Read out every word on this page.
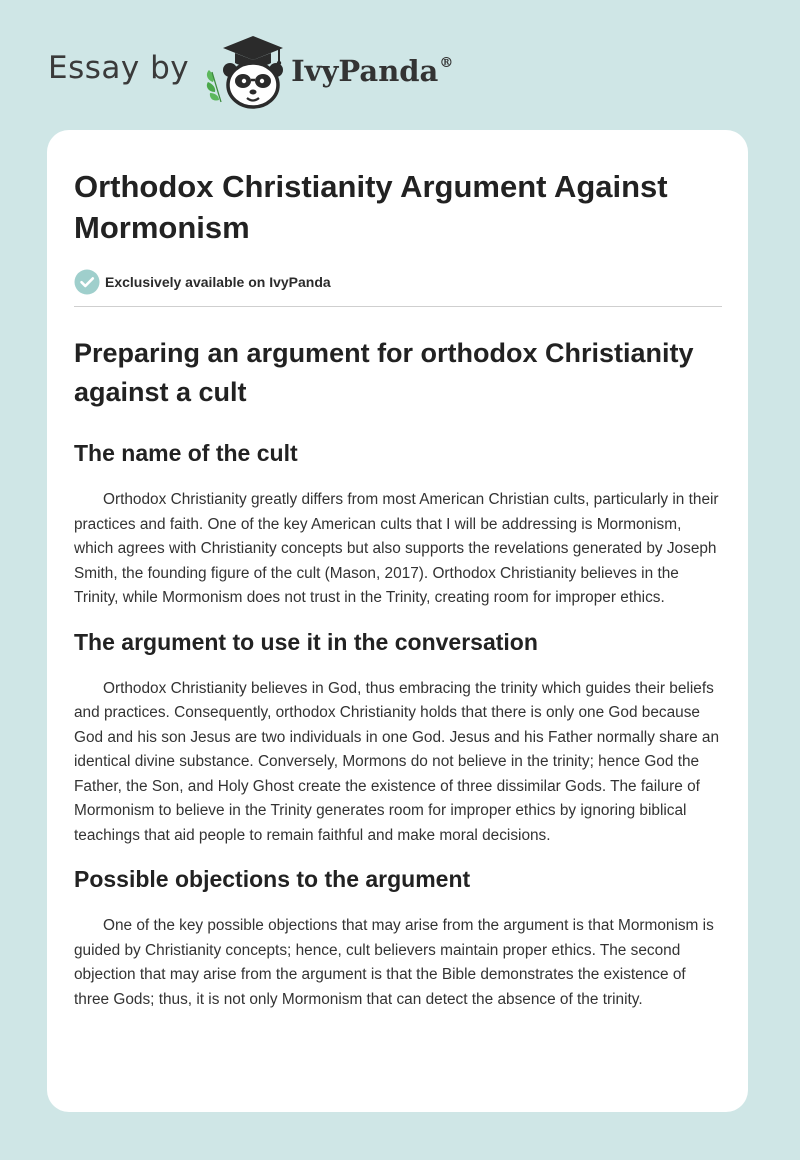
Essay by	IvyPanda®
Orthodox Christianity Argument Against Mormonism
Exclusively available on IvyPanda
Preparing an argument for orthodox Christianity against a cult
The name of the cult

Orthodox Christianity greatly differs from most American Christian cults, particularly in their practices and faith. One of the key American cults that I will be addressing is Mormonism, which agrees with Christianity concepts but also supports the revelations generated by Joseph Smith, the founding figure of the cult (Mason, 2017). Orthodox Christianity believes in the Trinity, while Mormonism does not trust in the Trinity, creating room for improper ethics.

The argument to use it in the conversation

Orthodox Christianity believes in God, thus embracing the trinity which guides their beliefs and practices. Consequently, orthodox Christianity holds that there is only one God because God and his son Jesus are two individuals in one God. Jesus and his Father normally share an identical divine substance. Conversely, Mormons do not believe in the trinity; hence God the Father, the Son, and Holy Ghost create the existence of three dissimilar Gods. The failure of Mormonism to believe in the Trinity generates room for improper ethics by ignoring biblical teachings that aid people to remain faithful and make moral decisions.

Possible objections to the argument

One of the key possible objections that may arise from the argument is that Mormonism is guided by Christianity concepts; hence, cult believers maintain proper ethics. The second objection that may arise from the argument is that the Bible demonstrates the existence of three Gods; thus, it is not only Mormonism that can detect the absence of the trinity.
